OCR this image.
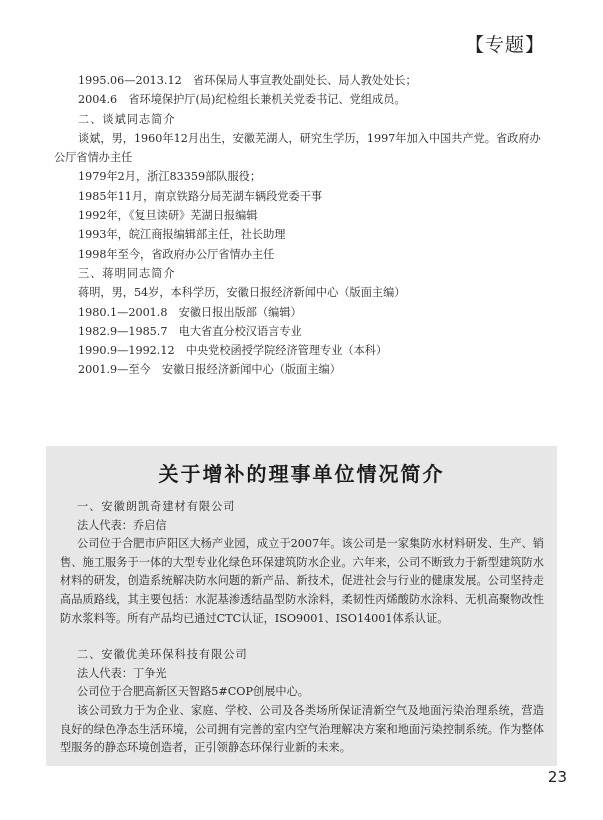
【专题】
1995.06—2013.12　省环保局人事宣教处副处长、局人教处处长；
2004.6　省环境保护厅(局)纪检组长兼机关党委书记、党组成员。
二、谈斌同志简介
谈斌，男，1960年12月出生，安徽芜湖人，研究生学历，1997年加入中国共产党。省政府办
公厅省情办主任
1979年2月，浙江83359部队服役；
1985年11月，南京铁路分局芜湖车辆段党委干事
1992年，《复旦读研》芜湖日报编辑
1993年，皖江商报编辑部主任，社长助理
1998年至今，省政府办公厅省情办主任
三、蒋明同志简介
蒋明，男，54岁，本科学历，安徽日报经济新闻中心（版面主编）
1980.1—2001.8　安徽日报出版部（编辑）
1982.9—1985.7　电大省直分校汉语言专业
1990.9—1992.12　中央党校函授学院经济管理专业（本科）
2001.9—至今　安徽日报经济新闻中心（版面主编）
关于增补的理事单位情况简介
一、安徽朗凯奇建材有限公司
法人代表：乔启信
公司位于合肥市庐阳区大杨产业园，成立于2007年。该公司是一家集防水材料研发、生产、销售、施工服务于一体的大型专业化绿色环保建筑防水企业。六年来，公司不断致力于新型建筑防水材料的研发，创造系统解决防水问题的新产品、新技术，促进社会与行业的健康发展。公司坚持走高品质路线，其主要包括：水泥基渗透结晶型防水涂料，柔韧性丙烯酸防水涂料、无机高聚物改性防水浆料等。所有产品均已通过CTC认证，ISO9001、ISO14001体系认证。
二、安徽优美环保科技有限公司
法人代表：丁争光
公司位于合肥高新区天智路5#COP创展中心。
该公司致力于为企业、家庭、学校、公司及各类场所保证清新空气及地面污染治理系统，营造良好的绿色净态生活环境，公司拥有完善的室内空气治理解决方案和地面污染控制系统。作为整体型服务的静态环境创造者，正引领静态环保行业新的未来。
23
